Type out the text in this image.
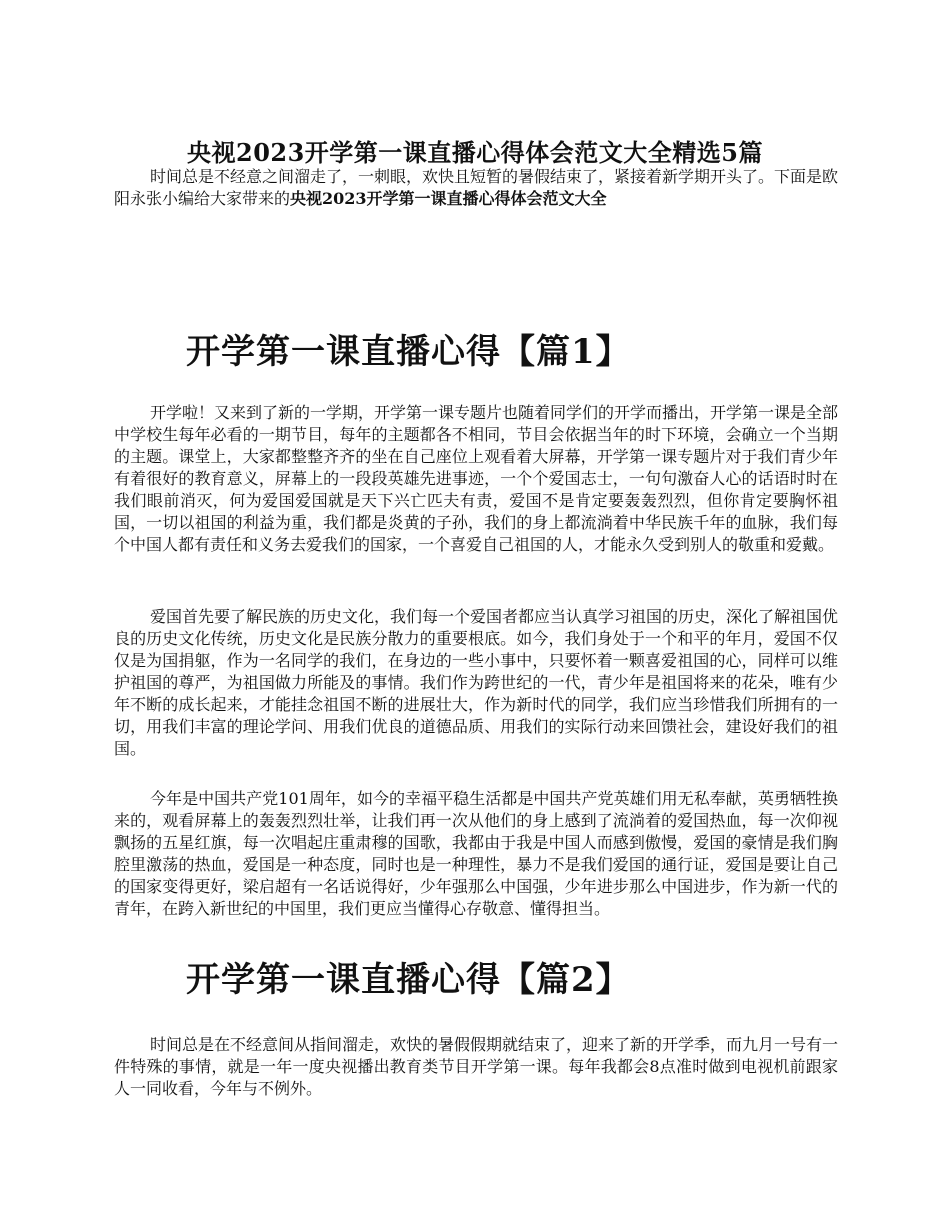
央视2023开学第一课直播心得体会范文大全精选5篇

时间总是不经意之间溜走了，一刺眼，欢快且短暂的暑假结束了，紧接着新学期开头了。下面是欧阳永张小编给大家带来的央视2023开学第一课直播心得体会范文大全

开学第一课直播心得【篇1】

开学啦！又来到了新的一学期，开学第一课专题片也随着同学们的开学而播出，开学第一课是全部中学校生每年必看的一期节目，每年的主题都各不相同，节目会依据当年的时下环境，会确立一个当期的主题。课堂上，大家都整整齐齐的坐在自己座位上观看着大屏幕，开学第一课专题片对于我们青少年有着很好的教育意义，屏幕上的一段段英雄先进事迹，一个个爱国志士，一句句激奋人心的话语时时在我们眼前消灭，何为爱国爱国就是天下兴亡匹夫有责，爱国不是肯定要轰轰烈烈，但你肯定要胸怀祖国，一切以祖国的利益为重，我们都是炎黄的子孙，我们的身上都流淌着中华民族千年的血脉，我们每个中国人都有责任和义务去爱我们的国家，一个喜爱自己祖国的人，才能永久受到别人的敬重和爱戴。

爱国首先要了解民族的历史文化，我们每一个爱国者都应当认真学习祖国的历史，深化了解祖国优良的历史文化传统，历史文化是民族分散力的重要根底。如今，我们身处于一个和平的年月，爱国不仅仅是为国捐躯，作为一名同学的我们，在身边的一些小事中，只要怀着一颗喜爱祖国的心，同样可以维护祖国的尊严，为祖国做力所能及的事情。我们作为跨世纪的一代，青少年是祖国将来的花朵，唯有少年不断的成长起来，才能挂念祖国不断的进展壮大，作为新时代的同学，我们应当珍惜我们所拥有的一切，用我们丰富的理论学问、用我们优良的道德品质、用我们的实际行动来回馈社会，建设好我们的祖国。

今年是中国共产党101周年，如今的幸福平稳生活都是中国共产党英雄们用无私奉献，英勇牺牲换来的，观看屏幕上的轰轰烈烈壮举，让我们再一次从他们的身上感到了流淌着的爱国热血，每一次仰视飘扬的五星红旗，每一次唱起庄重肃穆的国歌，我都由于我是中国人而感到傲慢，爱国的豪情是我们胸腔里激荡的热血，爱国是一种态度，同时也是一种理性，暴力不是我们爱国的通行证，爱国是要让自己的国家变得更好，梁启超有一名话说得好，少年强那么中国强，少年进步那么中国进步，作为新一代的青年，在跨入新世纪的中国里，我们更应当懂得心存敬意、懂得担当。

开学第一课直播心得【篇2】

时间总是在不经意间从指间溜走，欢快的暑假假期就结束了，迎来了新的开学季，而九月一号有一件特殊的事情，就是一年一度央视播出教育类节目开学第一课。每年我都会8点准时做到电视机前跟家人一同收看，今年与不例外。
